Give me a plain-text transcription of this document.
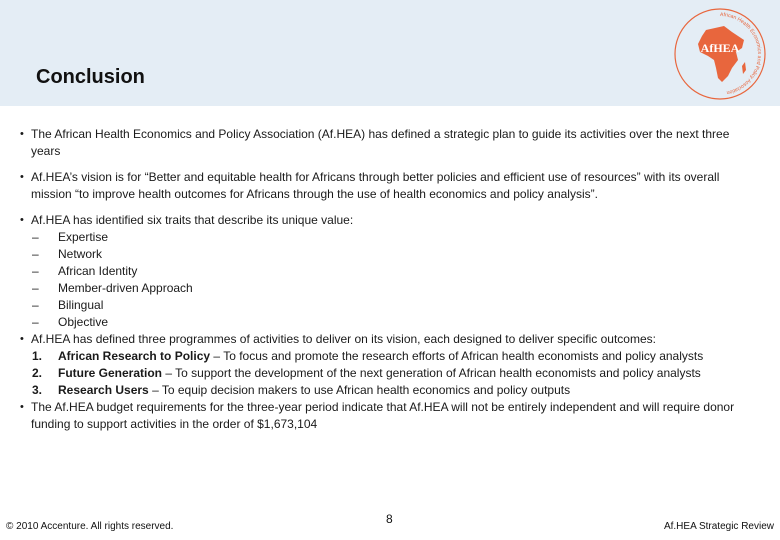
Conclusion
African Health Economics and Policy Association
AfHEA
• The African Health Economics and Policy Association (Af.HEA) has defined a strategic plan to guide its activities over the next three years
• Af.HEA’s vision is for “Better and equitable health for Africans through better policies and efficient use of resources” with its overall mission “to improve health outcomes for Africans through the use of health economics and policy analysis”.
• Af.HEA has identified six traits that describe its unique value:
– Expertise
– Network
– African Identity
– Member-driven Approach
– Bilingual
– Objective
• Af.HEA has defined three programmes of activities to deliver on its vision, each designed to deliver specific outcomes:
1. African Research to Policy – To focus and promote the research efforts of African health economists and policy analysts
2. Future Generation – To support the development of the next generation of African health economists and policy analysts
3. Research Users – To equip decision makers to use African health economics and policy outputs
• The Af.HEA budget requirements for the three-year period indicate that Af.HEA will not be entirely independent and will require donor funding to support activities in the order of $1,673,104
© 2010 Accenture. All rights reserved.
8
Af.HEA Strategic Review
